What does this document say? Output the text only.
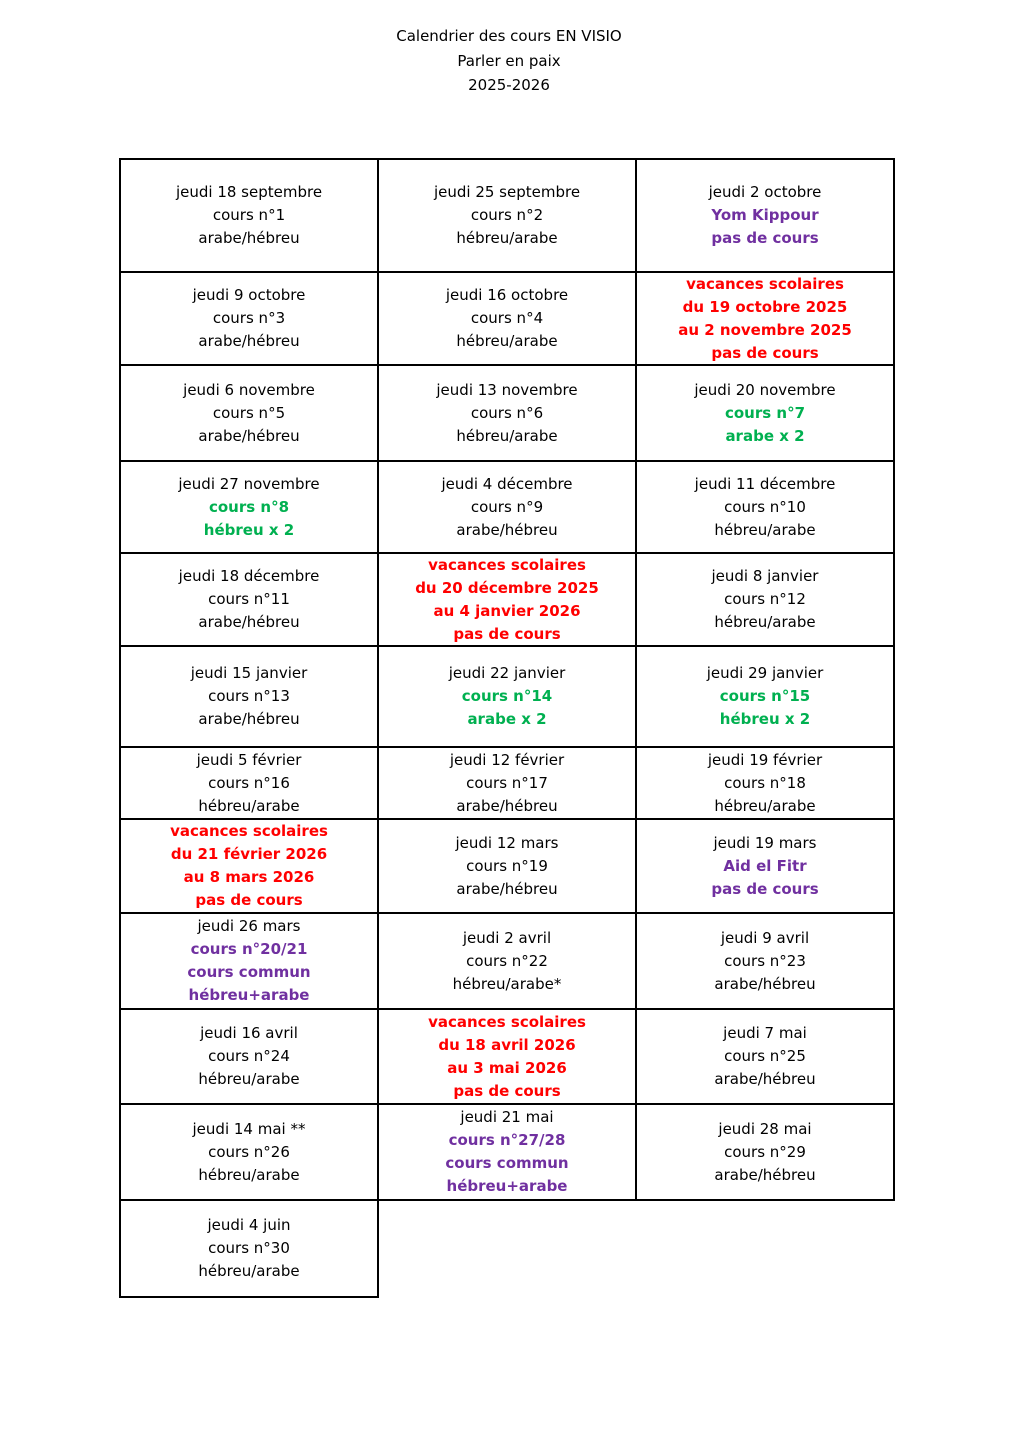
Calendrier des cours EN VISIO
Parler en paix
2025-2026
jeudi 18 septembre
cours n°1
arabe/hébreu
jeudi 25 septembre
cours n°2
hébreu/arabe
jeudi 2 octobre
Yom Kippour
pas de cours
jeudi 9 octobre
cours n°3
arabe/hébreu
jeudi 16 octobre
cours n°4
hébreu/arabe
vacances scolaires
du 19 octobre 2025
au 2 novembre 2025
pas de cours
jeudi 6 novembre
cours n°5
arabe/hébreu
jeudi 13 novembre
cours n°6
hébreu/arabe
jeudi 20 novembre
cours n°7
arabe x 2
jeudi 27 novembre
cours n°8
hébreu x 2
jeudi 4 décembre
cours n°9
arabe/hébreu
jeudi 11 décembre
cours n°10
hébreu/arabe
jeudi 18 décembre
cours n°11
arabe/hébreu
vacances scolaires
du 20 décembre 2025
au 4 janvier 2026
pas de cours
jeudi 8 janvier
cours n°12
hébreu/arabe
jeudi 15 janvier
cours n°13
arabe/hébreu
jeudi 22 janvier
cours n°14
arabe x 2
jeudi 29 janvier
cours n°15
hébreu x 2
jeudi 5 février
cours n°16
hébreu/arabe
jeudi 12 février
cours n°17
arabe/hébreu
jeudi 19 février
cours n°18
hébreu/arabe
vacances scolaires
du 21 février 2026
au 8 mars 2026
pas de cours
jeudi 12 mars
cours n°19
arabe/hébreu
jeudi 19 mars
Aid el Fitr
pas de cours
jeudi 26 mars
cours n°20/21
cours commun
hébreu+arabe
jeudi 2 avril
cours n°22
hébreu/arabe*
jeudi 9 avril
cours n°23
arabe/hébreu
jeudi 16 avril
cours n°24
hébreu/arabe
vacances scolaires
du 18 avril 2026
au 3 mai 2026
pas de cours
jeudi 7 mai
cours n°25
arabe/hébreu
jeudi 14 mai **
cours n°26
hébreu/arabe
jeudi 21 mai
cours n°27/28
cours commun
hébreu+arabe
jeudi 28 mai
cours n°29
arabe/hébreu
jeudi 4 juin
cours n°30
hébreu/arabe
